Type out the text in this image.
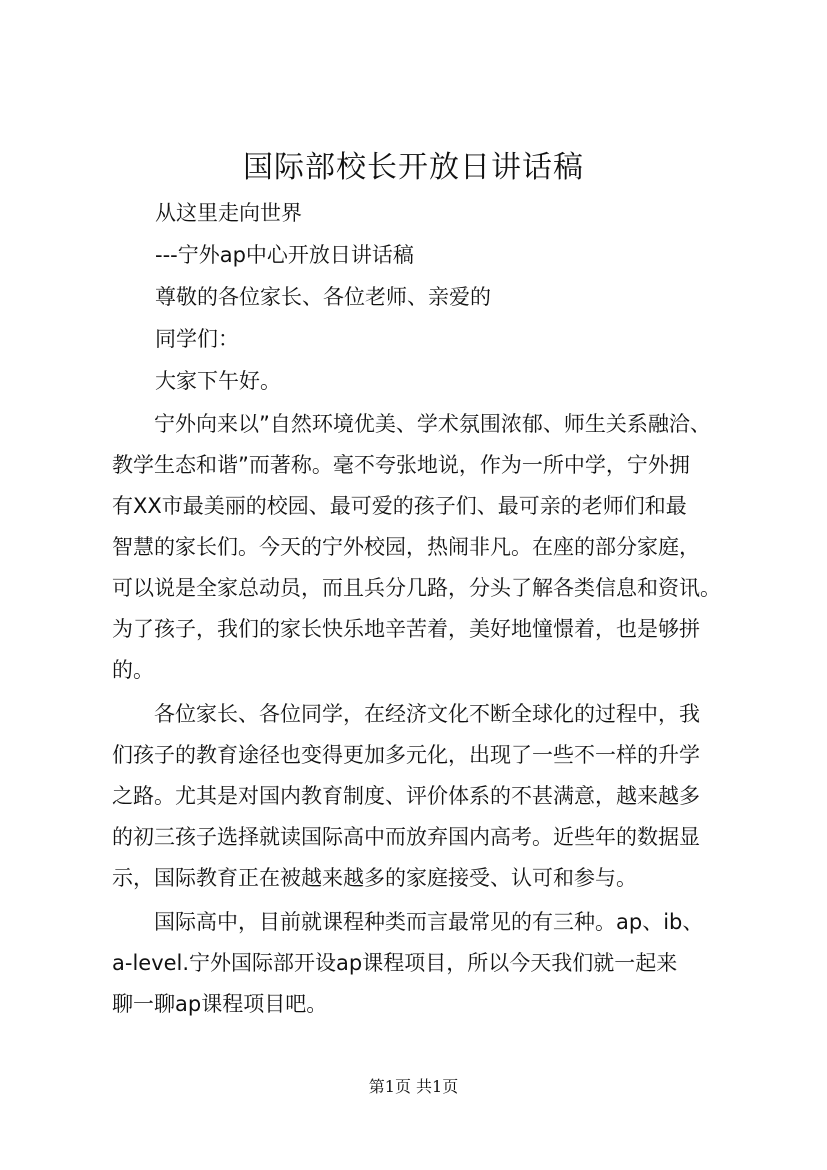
国际部校长开放日讲话稿
从这里走向世界
---宁外ap中心开放日讲话稿
尊敬的各位家长、各位老师、亲爱的
同学们：
大家下午好。
　　宁外向来以”自然环境优美、学术氛围浓郁、师生关系融洽、
教学生态和谐”而著称。毫不夸张地说，作为一所中学，宁外拥
有XX市最美丽的校园、最可爱的孩子们、最可亲的老师们和最
智慧的家长们。今天的宁外校园，热闹非凡。在座的部分家庭，
可以说是全家总动员，而且兵分几路，分头了解各类信息和资讯。
为了孩子，我们的家长快乐地辛苦着，美好地憧憬着，也是够拼
的。
　　各位家长、各位同学，在经济文化不断全球化的过程中，我
们孩子的教育途径也变得更加多元化，出现了一些不一样的升学
之路。尤其是对国内教育制度、评价体系的不甚满意，越来越多
的初三孩子选择就读国际高中而放弃国内高考。近些年的数据显
示，国际教育正在被越来越多的家庭接受、认可和参与。
　　国际高中，目前就课程种类而言最常见的有三种。ap、ib、
a-level.宁外国际部开设ap课程项目，所以今天我们就一起来
聊一聊ap课程项目吧。
第1页 共1页
